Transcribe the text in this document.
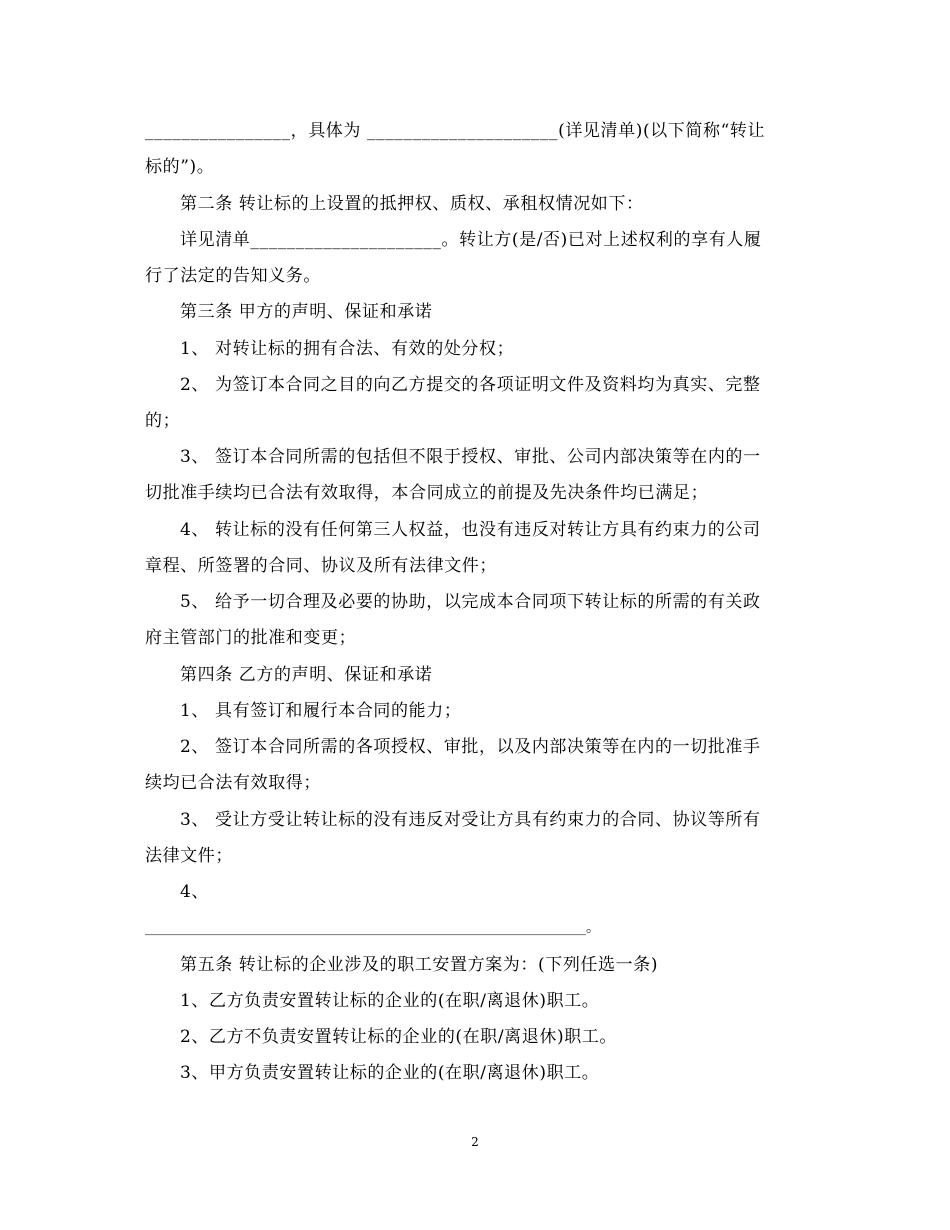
________________，具体为 _____________________(详见清单)(以下简称“转让
标的”)。
第二条 转让标的上设置的抵押权、质权、承租权情况如下：
详见清单_____________________。转让方(是/否)已对上述权利的享有人履
行了法定的告知义务。
第三条 甲方的声明、保证和承诺
1、 对转让标的拥有合法、有效的处分权；
2、 为签订本合同之目的向乙方提交的各项证明文件及资料均为真实、完整
的；
3、 签订本合同所需的包括但不限于授权、审批、公司内部决策等在内的一
切批准手续均已合法有效取得，本合同成立的前提及先决条件均已满足；
4、 转让标的没有任何第三人权益，也没有违反对转让方具有约束力的公司
章程、所签署的合同、协议及所有法律文件；
5、 给予一切合理及必要的协助，以完成本合同项下转让标的所需的有关政
府主管部门的批准和变更；
第四条 乙方的声明、保证和承诺
1、 具有签订和履行本合同的能力；
2、 签订本合同所需的各项授权、审批，以及内部决策等在内的一切批准手
续均已合法有效取得；
3、 受让方受让转让标的没有违反对受让方具有约束力的合同、协议等所有
法律文件；
4、
_______________________________________________________________。
第五条 转让标的企业涉及的职工安置方案为：(下列任选一条)
1、乙方负责安置转让标的企业的(在职/离退休)职工。
2、乙方不负责安置转让标的企业的(在职/离退休)职工。
3、甲方负责安置转让标的企业的(在职/离退休)职工。
2
